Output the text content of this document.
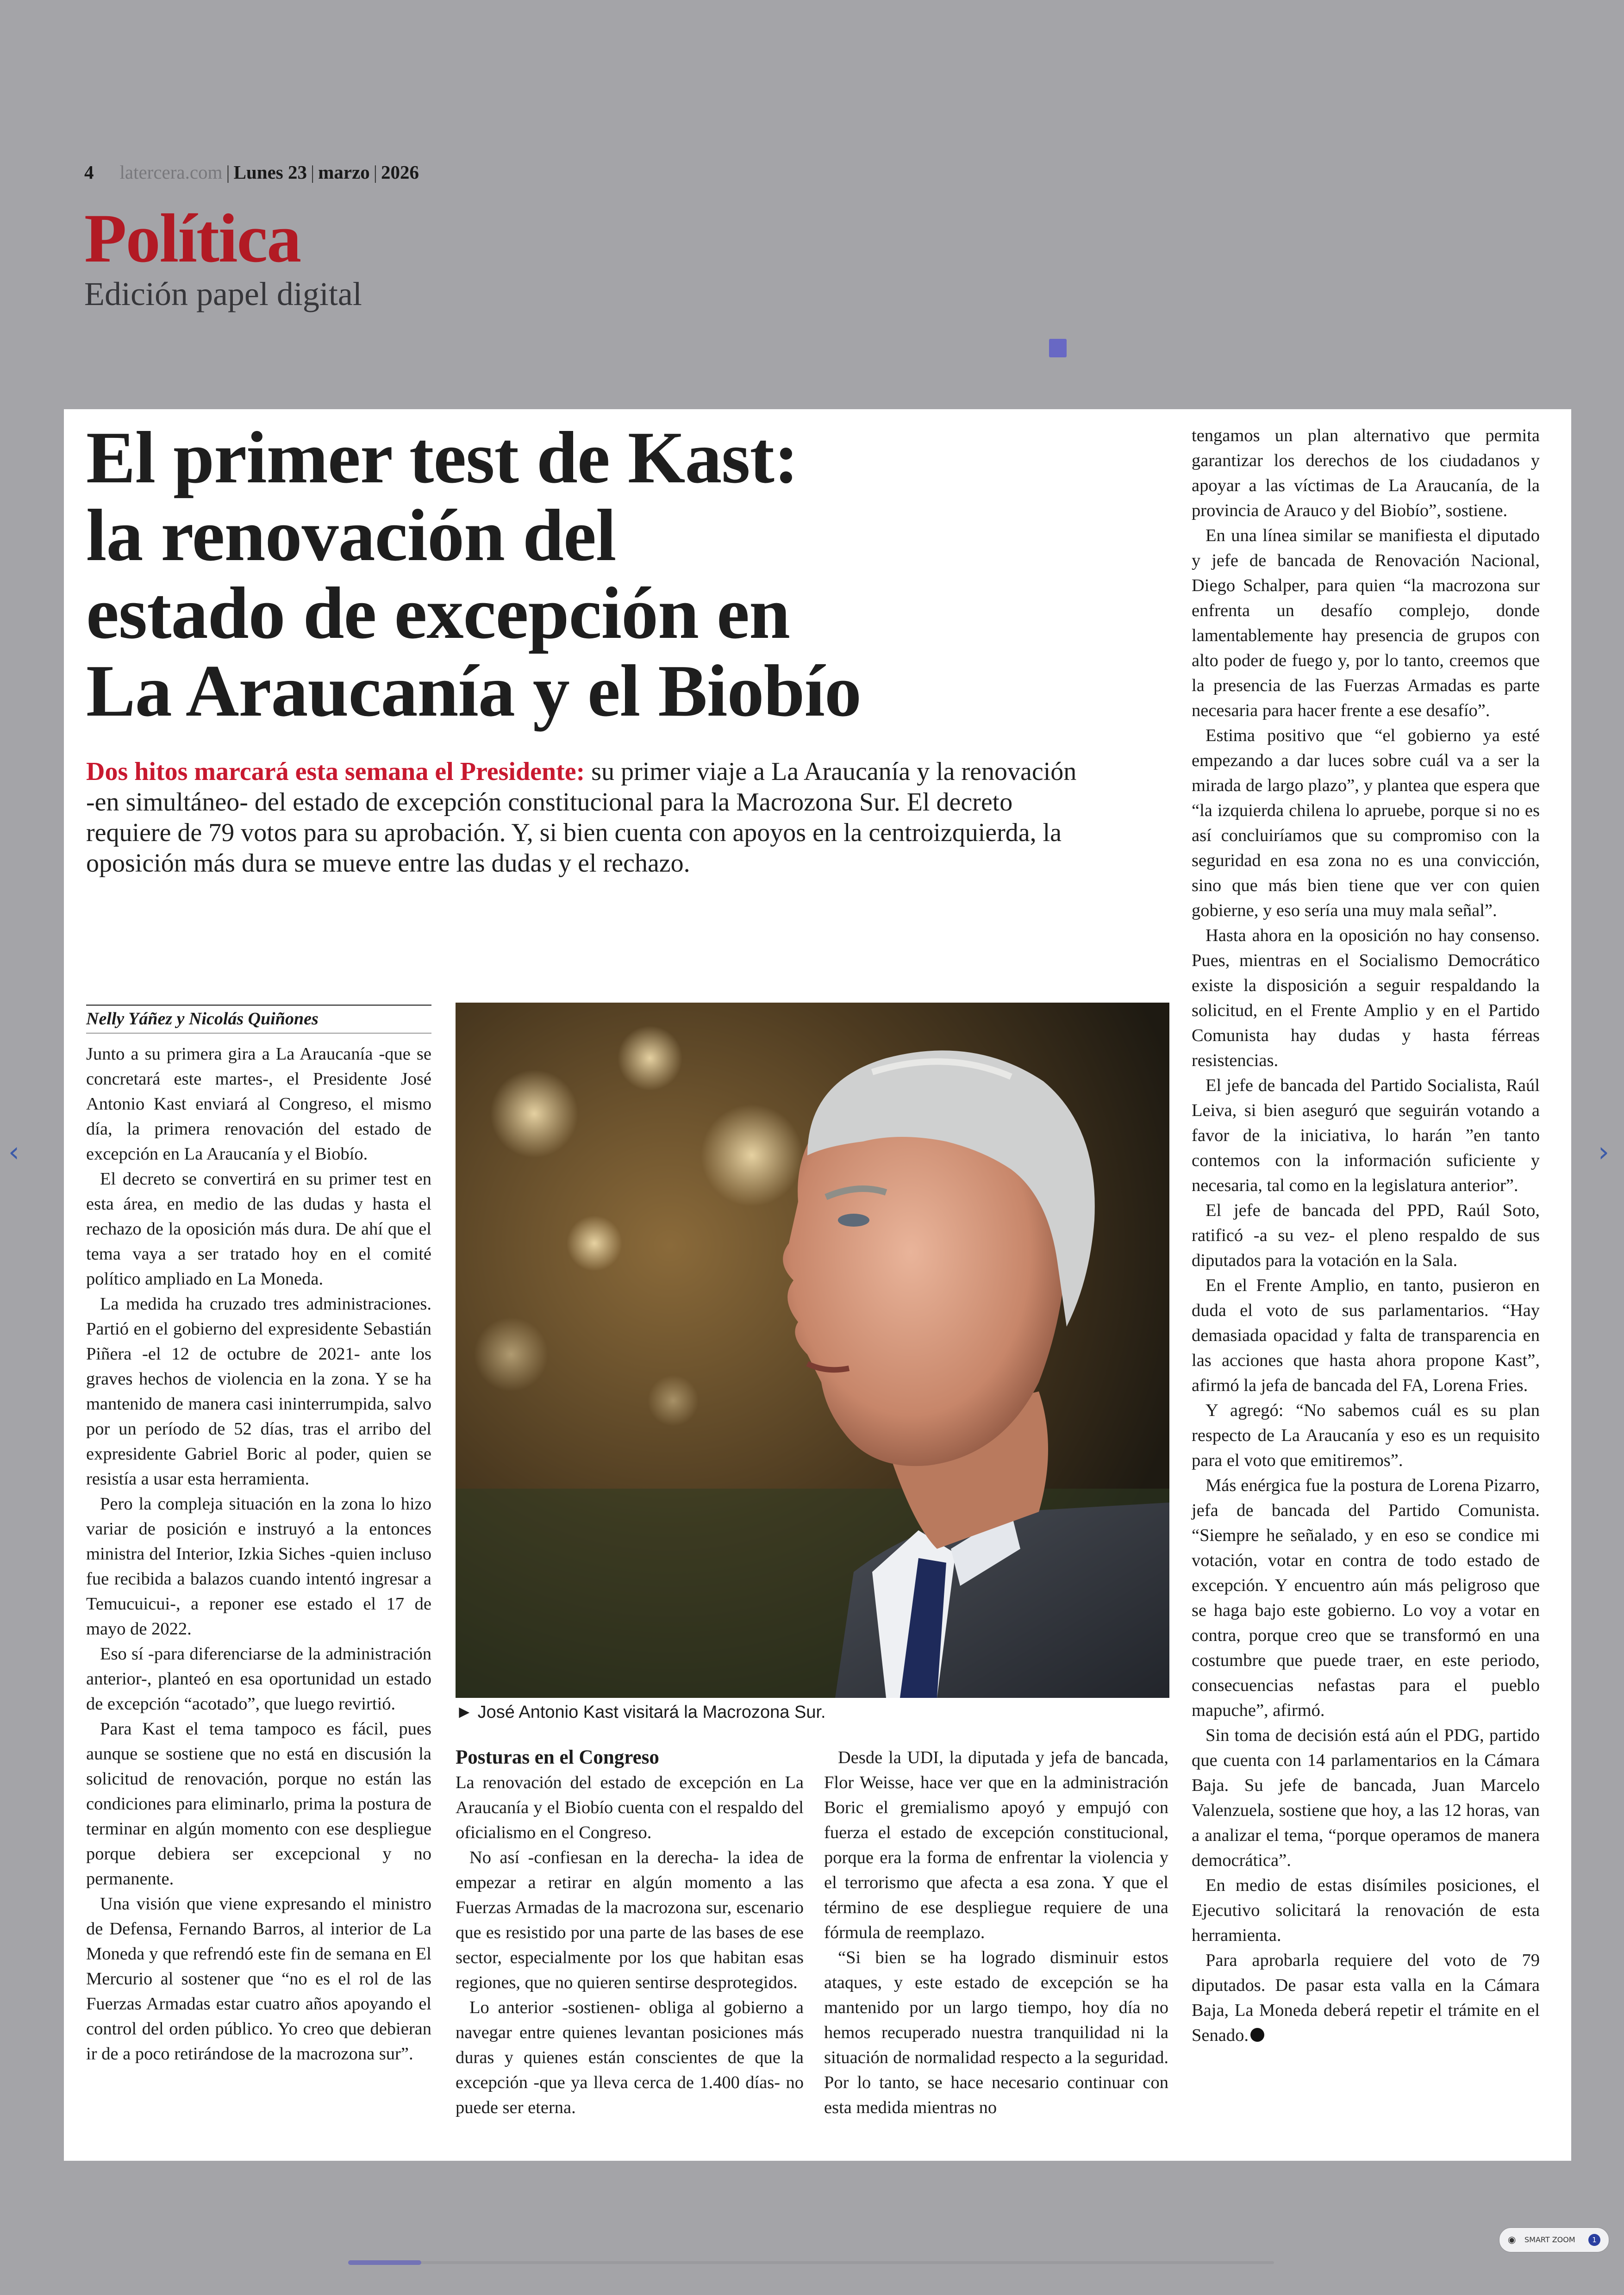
4 latercera.com | Lunes 23 | marzo | 2026
Política
Edición papel digital
El primer test de Kast:
la renovación del
estado de excepción en
La Araucanía y el Biobío
Dos hitos marcará esta semana el Presidente: su primer viaje a La Araucanía y la renovación -en simultáneo- del estado de excepción constitucional para la Macrozona Sur. El decreto requiere de 79 votos para su aprobación. Y, si bien cuenta con apoyos en la centroizquierda, la oposición más dura se mueve entre las dudas y el rechazo.
Nelly Yáñez y Nicolás Quiñones

Junto a su primera gira a La Araucanía -que se concretará este martes-, el Presidente José Antonio Kast enviará al Congreso, el mismo día, la primera renovación del estado de excepción en La Araucanía y el Biobío.

El decreto se convertirá en su primer test en esta área, en medio de las dudas y hasta el rechazo de la oposición más dura. De ahí que el tema vaya a ser tratado hoy en el comité político ampliado en La Moneda.

La medida ha cruzado tres administraciones. Partió en el gobierno del expresidente Sebastián Piñera -el 12 de octubre de 2021- ante los graves hechos de violencia en la zona. Y se ha mantenido de manera casi ininterrumpida, salvo por un período de 52 días, tras el arribo del expresidente Gabriel Boric al poder, quien se resistía a usar esta herramienta.

Pero la compleja situación en la zona lo hizo variar de posición e instruyó a la entonces ministra del Interior, Izkia Siches -quien incluso fue recibida a balazos cuando intentó ingresar a Temucuicui-, a reponer ese estado el 17 de mayo de 2022.

Eso sí -para diferenciarse de la administración anterior-, planteó en esa oportunidad un estado de excepción “acotado”, que luego revirtió.

Para Kast el tema tampoco es fácil, pues aunque se sostiene que no está en discusión la solicitud de renovación, porque no están las condiciones para eliminarlo, prima la postura de terminar en algún momento con ese despliegue porque debiera ser excepcional y no permanente.

Una visión que viene expresando el ministro de Defensa, Fernando Barros, al interior de La Moneda y que refrendó este fin de semana en El Mercurio al sostener que “no es el rol de las Fuerzas Armadas estar cuatro años apoyando el control del orden público. Yo creo que debieran ir de a poco retirándose de la macrozona sur”.

► José Antonio Kast visitará la Macrozona Sur.
Posturas en el Congreso

La renovación del estado de excepción en La Araucanía y el Biobío cuenta con el respaldo del oficialismo en el Congreso.

No así -confiesan en la derecha- la idea de empezar a retirar en algún momento a las Fuerzas Armadas de la macrozona sur, escenario que es resistido por una parte de las bases de ese sector, especialmente por los que habitan esas regiones, que no quieren sentirse desprotegidos.

Lo anterior -sostienen- obliga al gobierno a navegar entre quienes levantan posiciones más duras y quienes están conscientes de que la excepción -que ya lleva cerca de 1.400 días- no puede ser eterna.

Desde la UDI, la diputada y jefa de bancada, Flor Weisse, hace ver que en la administración Boric el gremialismo apoyó y empujó con fuerza el estado de excepción constitucional, porque era la forma de enfrentar la violencia y el terrorismo que afecta a esa zona. Y que el término de ese despliegue requiere de una fórmula de reemplazo.

“Si bien se ha logrado disminuir estos ataques, y este estado de excepción se ha mantenido por un largo tiempo, hoy día no hemos recuperado nuestra tranquilidad ni la situación de normalidad respecto a la seguridad. Por lo tanto, se hace necesario continuar con esta medida mientras no

tengamos un plan alternativo que permita garantizar los derechos de los ciudadanos y apoyar a las víctimas de La Araucanía, de la provincia de Arauco y del Biobío”, sostiene.

En una línea similar se manifiesta el diputado y jefe de bancada de Renovación Nacional, Diego Schalper, para quien “la macrozona sur enfrenta un desafío complejo, donde lamentablemente hay presencia de grupos con alto poder de fuego y, por lo tanto, creemos que la presencia de las Fuerzas Armadas es parte necesaria para hacer frente a ese desafío”.

Estima positivo que “el gobierno ya esté empezando a dar luces sobre cuál va a ser la mirada de largo plazo”, y plantea que espera que “la izquierda chilena lo apruebe, porque si no es así concluiríamos que su compromiso con la seguridad en esa zona no es una convicción, sino que más bien tiene que ver con quien gobierne, y eso sería una muy mala señal”.

Hasta ahora en la oposición no hay consenso. Pues, mientras en el Socialismo Democrático existe la disposición a seguir respaldando la solicitud, en el Frente Amplio y en el Partido Comunista hay dudas y hasta férreas resistencias.

El jefe de bancada del Partido Socialista, Raúl Leiva, si bien aseguró que seguirán votando a favor de la iniciativa, lo harán ”en tanto contemos con la información suficiente y necesaria, tal como en la legislatura anterior”.

El jefe de bancada del PPD, Raúl Soto, ratificó -a su vez- el pleno respaldo de sus diputados para la votación en la Sala.

En el Frente Amplio, en tanto, pusieron en duda el voto de sus parlamentarios. “Hay demasiada opacidad y falta de transparencia en las acciones que hasta ahora propone Kast”, afirmó la jefa de bancada del FA, Lorena Fries.

Y agregó: “No sabemos cuál es su plan respecto de La Araucanía y eso es un requisito para el voto que emitiremos”.

Más enérgica fue la postura de Lorena Pizarro, jefa de bancada del Partido Comunista. “Siempre he señalado, y en eso se condice mi votación, votar en contra de todo estado de excepción. Y encuentro aún más peligroso que se haga bajo este gobierno. Lo voy a votar en contra, porque creo que se transformó en una costumbre que puede traer, en este periodo, consecuencias nefastas para el pueblo mapuche”, afirmó.

Sin toma de decisión está aún el PDG, partido que cuenta con 14 parlamentarios en la Cámara Baja. Su jefe de bancada, Juan Marcelo Valenzuela, sostiene que hoy, a las 12 horas, van a analizar el tema, “porque operamos de manera democrática”.

En medio de estas disímiles posiciones, el Ejecutivo solicitará la renovación de esta herramienta.

Para aprobarla requiere del voto de 79 diputados. De pasar esta valla en la Cámara Baja, La Moneda deberá repetir el trámite en el Senado.

‹	›
◉ SMART ZOOM	1
